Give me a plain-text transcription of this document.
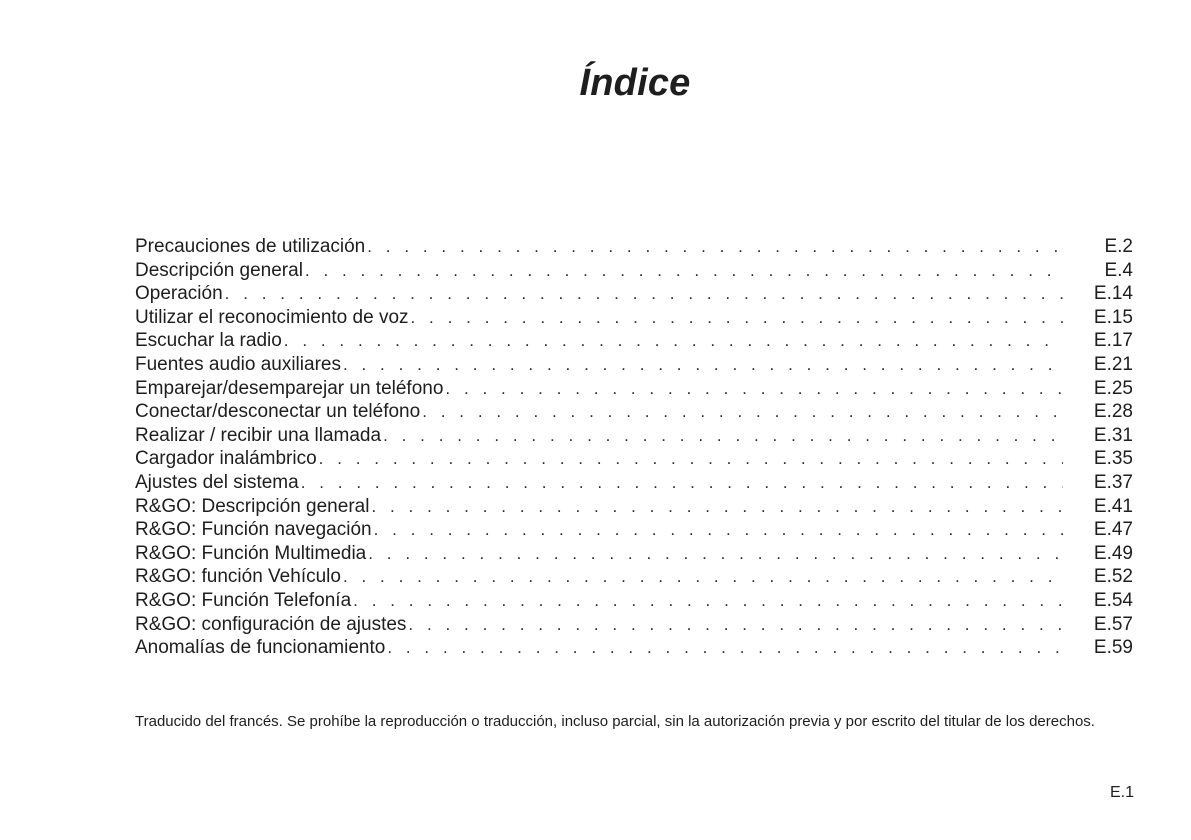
Índice
Precauciones de utilización . . .	E.2
Descripción general . . .	E.4
Operación . . .	E.14
Utilizar el reconocimiento de voz . . .	E.15
Escuchar la radio . . .	E.17
Fuentes audio auxiliares . . .	E.21
Emparejar/desemparejar un teléfono . . .	E.25
Conectar/desconectar un teléfono . . .	E.28
Realizar / recibir una llamada . . .	E.31
Cargador inalámbrico . . .	E.35
Ajustes del sistema . . .	E.37
R&GO: Descripción general . . .	E.41
R&GO: Función navegación . . .	E.47
R&GO: Función Multimedia . . .	E.49
R&GO: función Vehículo . . .	E.52
R&GO: Función Telefonía . . .	E.54
R&GO: configuración de ajustes . . .	E.57
Anomalías de funcionamiento . . .	E.59

Traducido del francés. Se prohíbe la reproducción o traducción, incluso parcial, sin la autorización previa y por escrito del titular de los derechos.

E.1
